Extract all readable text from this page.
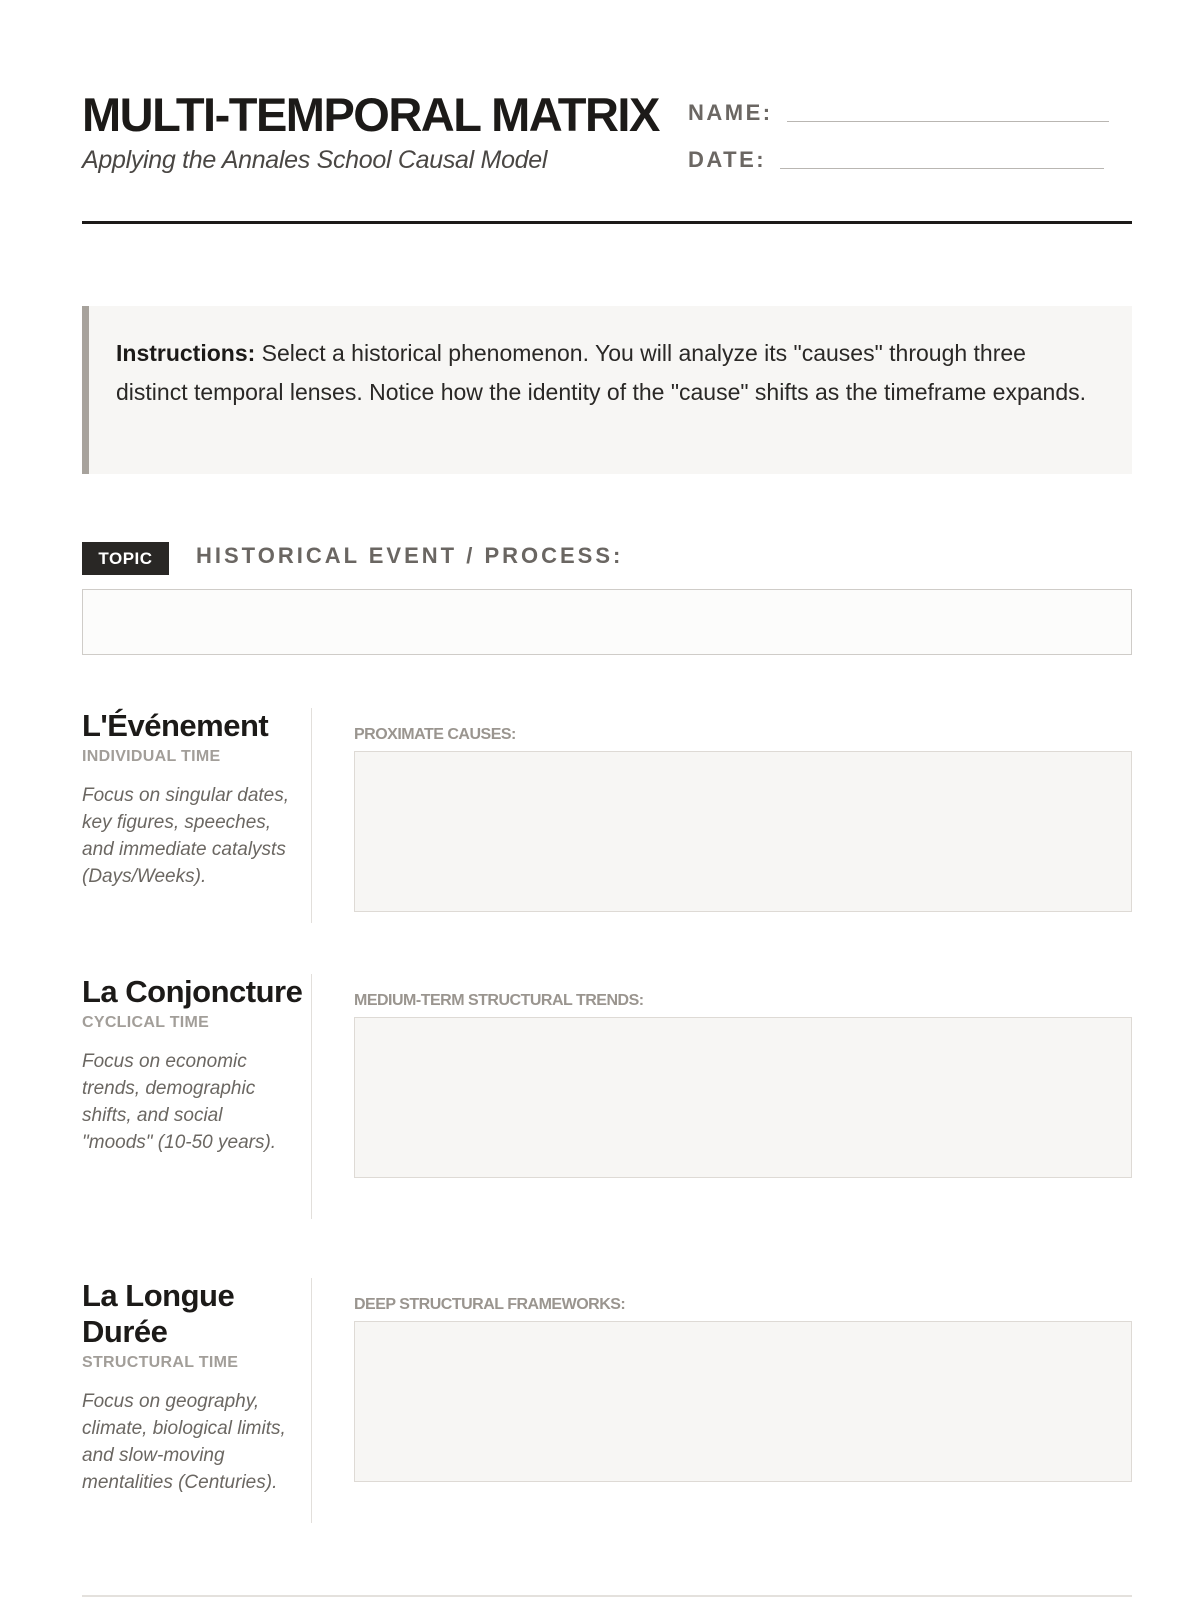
MULTI-TEMPORAL MATRIX
Applying the Annales School Causal Model
NAME:
DATE:
Instructions: Select a historical phenomenon. You will analyze its "causes" through three distinct temporal lenses. Notice how the identity of the "cause" shifts as the timeframe expands.
TOPIC	HISTORICAL EVENT / PROCESS:
L'Événement
INDIVIDUAL TIME
Focus on singular dates, key figures, speeches, and immediate catalysts (Days/Weeks).
PROXIMATE CAUSES:
La Conjoncture
CYCLICAL TIME
Focus on economic trends, demographic shifts, and social "moods" (10-50 years).
MEDIUM-TERM STRUCTURAL TRENDS:
La Longue Durée
STRUCTURAL TIME
Focus on geography, climate, biological limits, and slow-moving mentalities (Centuries).
DEEP STRUCTURAL FRAMEWORKS:
